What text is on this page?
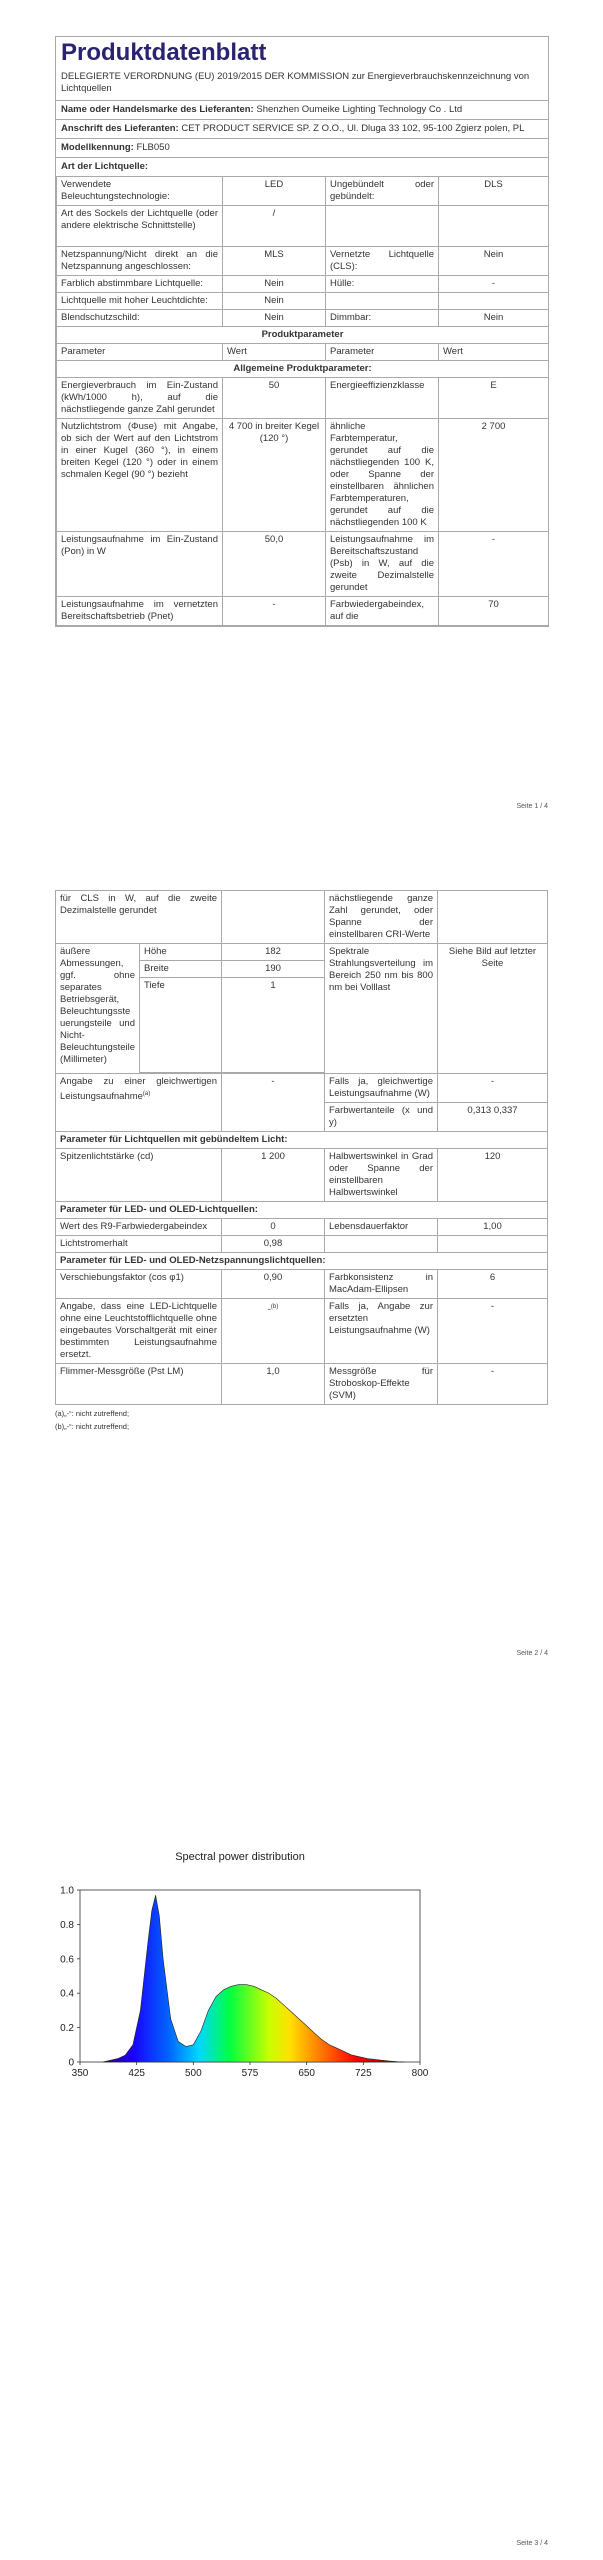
Produktdatenblatt
DELEGIERTE VERORDNUNG (EU) 2019/2015 DER KOMMISSION zur Energieverbrauchskennzeichnung von Lichtquellen
Name oder Handelsmarke des Lieferanten: Shenzhen Oumeike Lighting Technology Co . Ltd
Anschrift des Lieferanten: CET PRODUCT SERVICE SP. Z O.O., Ul. Dluga 33 102, 95-100 Zgierz polen, PL
Modellkennung: FLB050
Art der Lichtquelle:
Verwendete Beleuchtungstechnologie:	LED	Ungebündelt oder gebündelt:	DLS
Art des Sockels der Lichtquelle (oder andere elektrische Schnittstelle)	/		
Netzspannung/Nicht direkt an die Netzspannung angeschlossen:	MLS	Vernetzte Lichtquelle (CLS):	Nein
Farblich abstimmbare Lichtquelle:	Nein	Hülle:	-
Lichtquelle mit hoher Leuchtdichte:	Nein		
Blendschutzschild:	Nein	Dimmbar:	Nein
Produktparameter			
Parameter	Wert	Parameter	Wert
Allgemeine Produktparameter:			
Energieverbrauch im Ein-Zustand (kWh/1000 h), auf die nächstliegende ganze Zahl gerundet	50	Energieeffizienzklasse	E
Nutzlichtstrom (Φuse) mit Angabe, ob sich der Wert auf den Lichtstrom in einer Kugel (360 °), in einem breiten Kegel (120 °) oder in einem schmalen Kegel (90 °) bezieht	4 700 in breiter Kegel (120 °)	ähnliche Farbtemperatur, gerundet auf die nächstliegenden 100 K, oder Spanne der einstellbaren ähnlichen Farbtemperaturen, gerundet auf die nächstliegenden 100 K	2 700
Leistungsaufnahme im Ein-Zustand (Pon) in W	50,0	Leistungsaufnahme im Bereitschaftszustand (Psb) in W, auf die zweite Dezimalstelle gerundet	-
Leistungsaufnahme im vernetzten Bereitschaftsbetrieb (Pnet)	-	Farbwiedergabeindex, auf die	70
Seite 1 / 4
für CLS in W, auf die zweite Dezimalstelle gerundet			nächstliegende ganze Zahl gerundet, oder Spanne der einstellbaren CRI-Werte	
äußere Abmessungen, ggf. ohne separates Betriebsgerät, Beleuchtungssteuerungsteile und Nicht-Beleuchtungsteile (Millimeter)	Höhe	182	Spektrale Strahlungsverteilung im Bereich 250 nm bis 800 nm bei Volllast	Siehe Bild auf letzter Seite
	Breite	190		
	Tiefe	1		

Angabe zu einer gleichwertigen Leistungsaufnahme$^{(a)}$		-	Falls ja, gleichwertige Leistungsaufnahme (W)	-
			Farbwertanteile (x und y)	0,313 0,337
Parameter für Lichtquellen mit gebündeltem Licht:				
Spitzenlichtstärke (cd)		1 200	Halbwertswinkel in Grad oder Spanne der einstellbaren Halbwertswinkel	120
Parameter für LED- und OLED-Lichtquellen:				
Wert des R9-Farbwiedergabeindex		0	Lebensdauerfaktor	1,00
Lichtstromerhalt		0,98		
Parameter für LED- und OLED-Netzspannungslichtquellen:				
Verschiebungsfaktor (cos φ1)		0,90	Farbkonsistenz in MacAdam-Ellipsen	6
Angabe, dass eine LED-Lichtquelle ohne eine Leuchtstofflichtquelle ohne eingebautes Vorschaltgerät mit einer bestimmten Leistungsaufnahme ersetzt.		-$^{(b)}$	Falls ja, Angabe zur ersetzten Leistungsaufnahme (W)	-
Flimmer-Messgröße (Pst LM)		1,0	Messgröße für Stroboskop-Effekte (SVM)	-
(a)„-“: nicht zutreffend;
(b)„-“: nicht zutreffend;
Seite 2 / 4
Seite 3 / 4
Spectral power distribution
350	425	500	575	650	725	800
0
0.2
0.4
0.6
0.8
1.0
